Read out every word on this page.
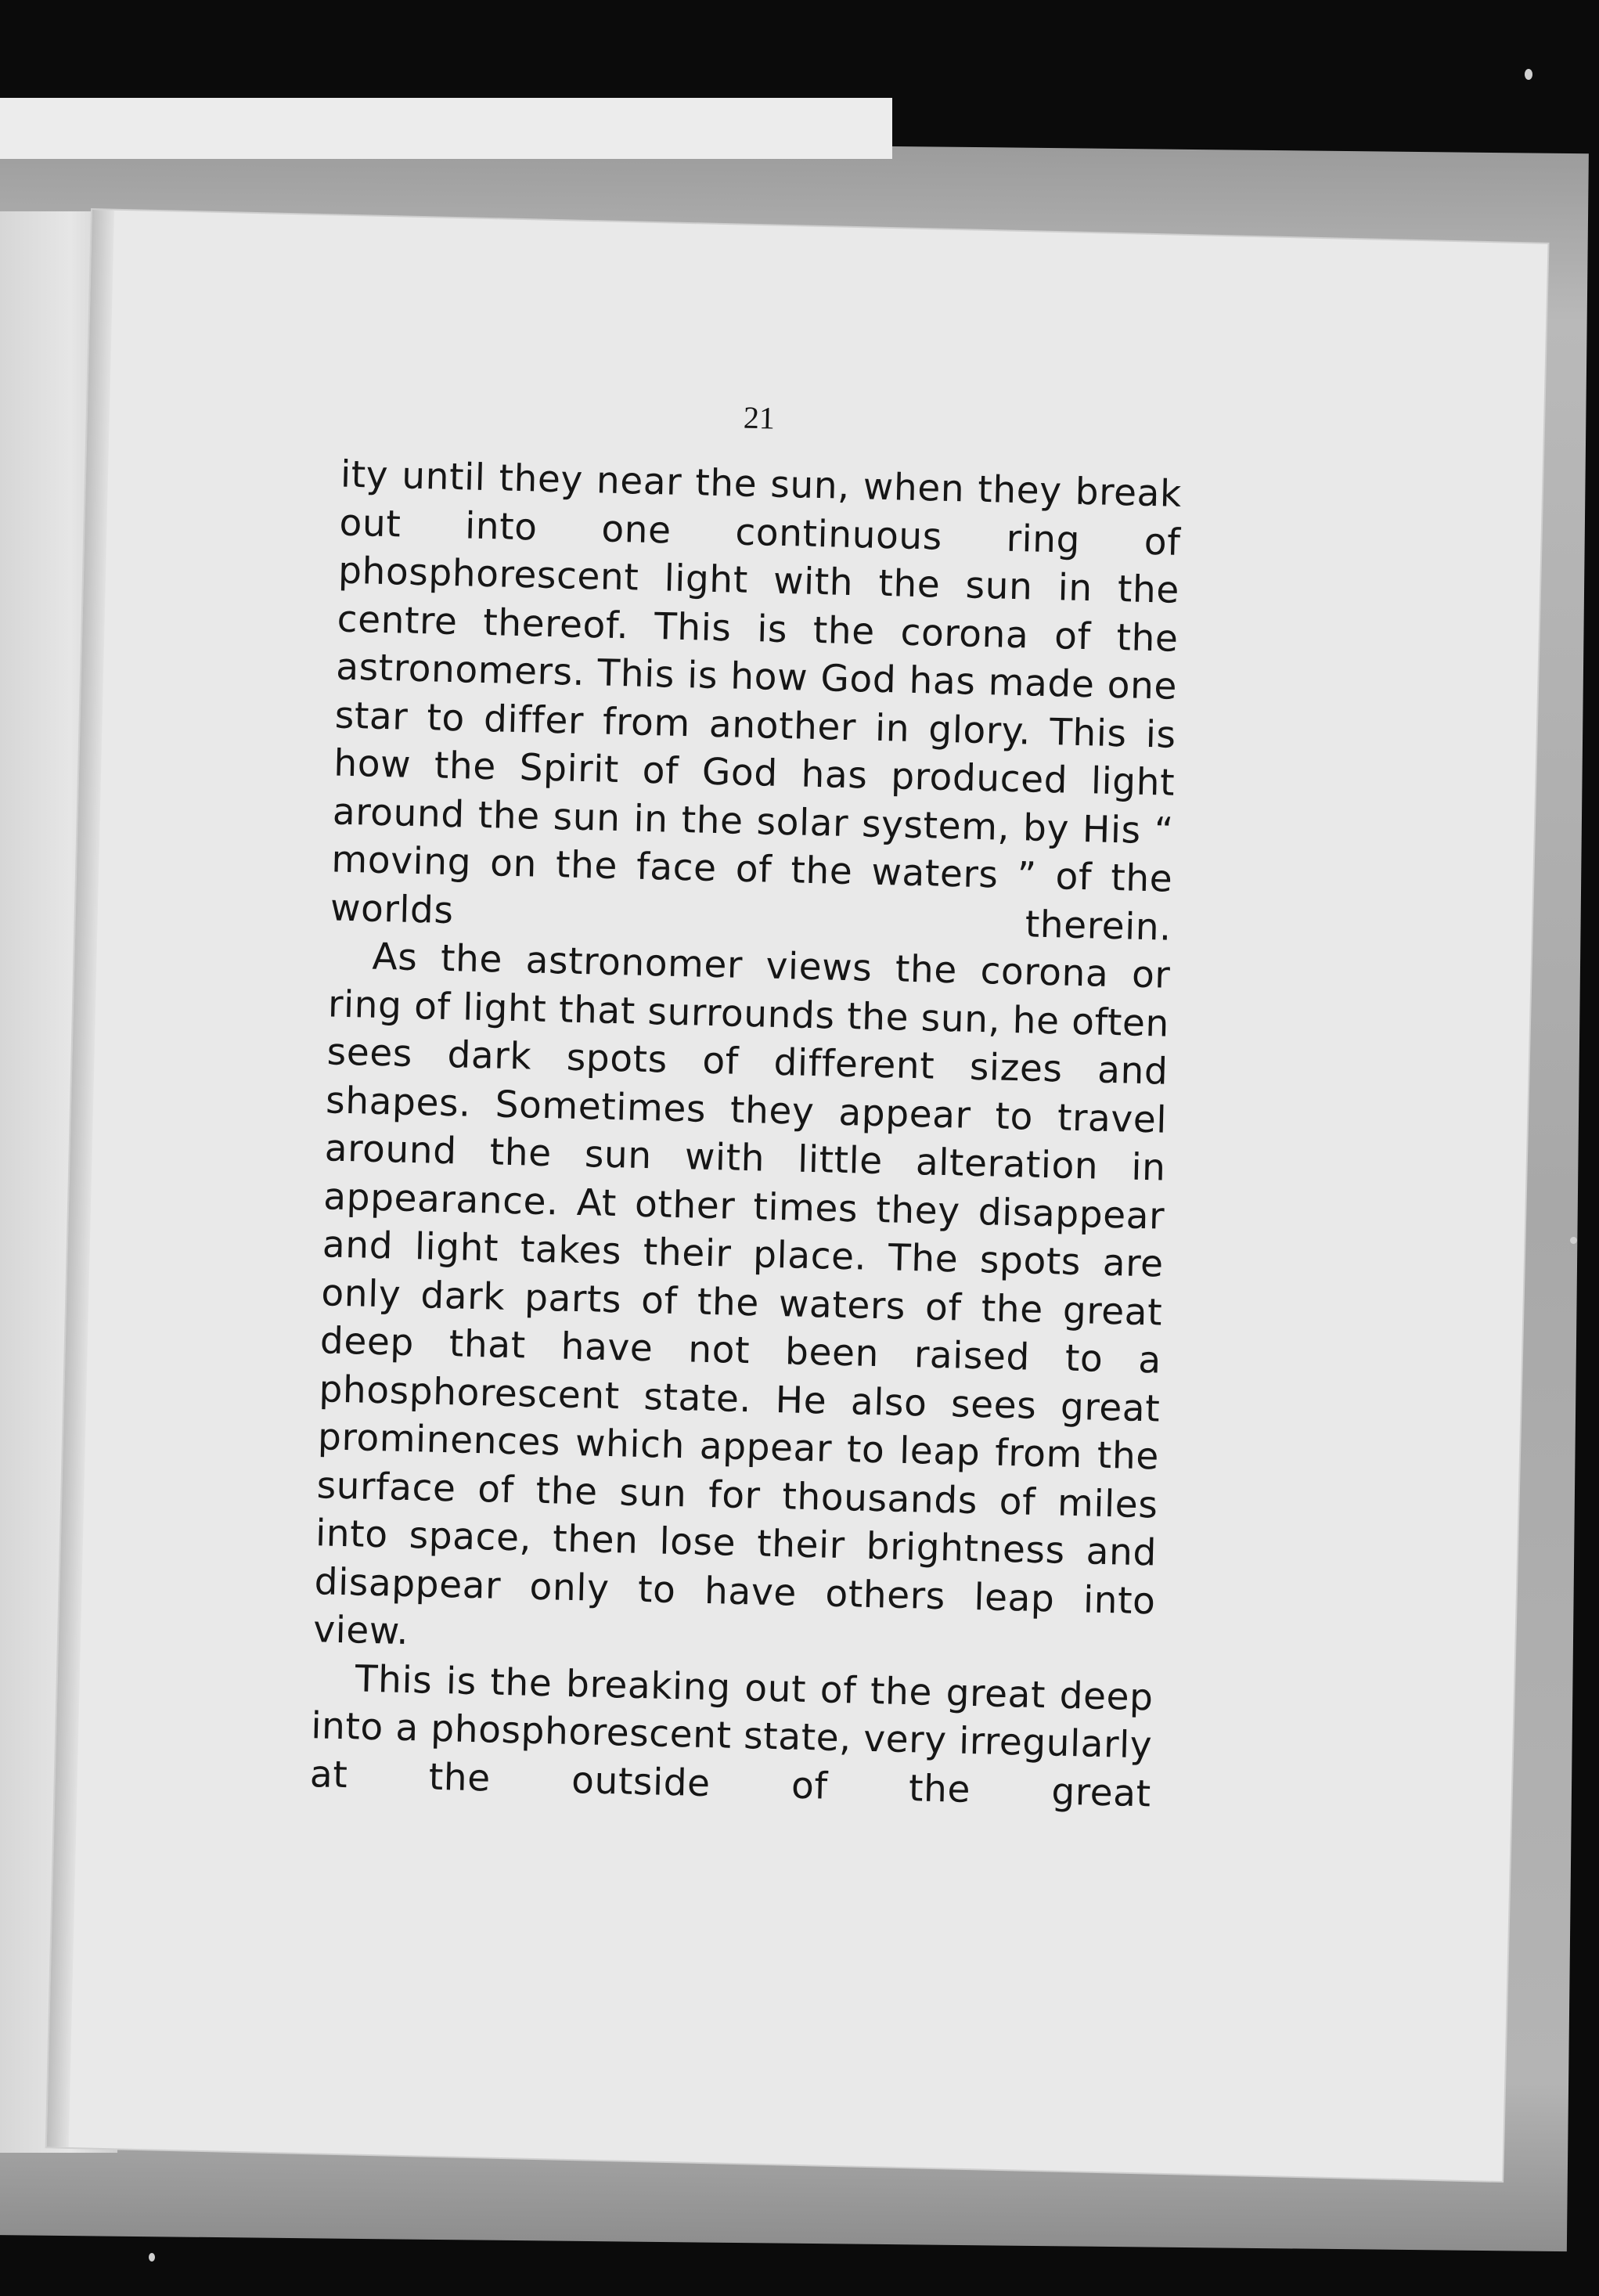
21

ity until they near the sun, when they break out into one continuous ring of phosphorescent light with the sun in the centre thereof. This is the corona of the astronomers. This is how God has made one star to differ from another in glory. This is how the Spirit of God has produced light around the sun in the solar system, by His “ moving on the face of the waters ” of the worlds therein.

As the astronomer views the corona or ring of light that surrounds the sun, he often sees dark spots of different sizes and shapes. Sometimes they appear to travel around the sun with little alteration in appearance. At other times they disappear and light takes their place. The spots are only dark parts of the waters of the great deep that have not been raised to a phosphorescent state. He also sees great prominences which appear to leap from the surface of the sun for thousands of miles into space, then lose their brightness and disappear only to have others leap into view.

This is the breaking out of the great deep into a phosphorescent state, very irregularly at the outside of the great
